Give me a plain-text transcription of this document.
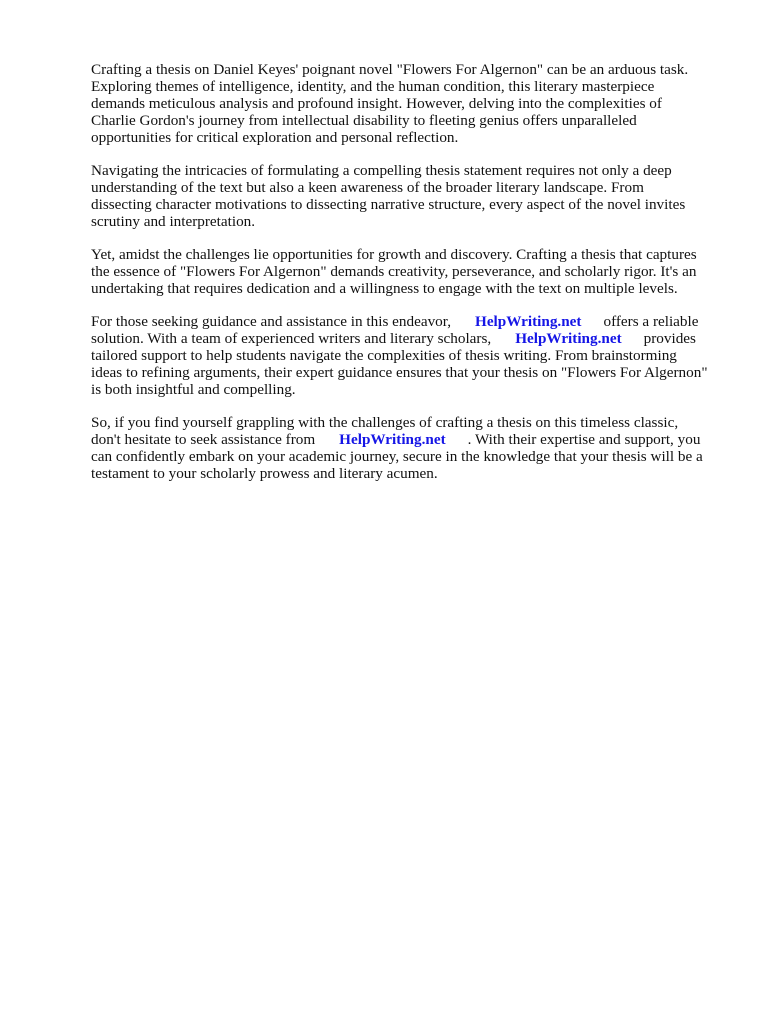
Crafting a thesis on Daniel Keyes' poignant novel "Flowers For Algernon" can be an arduous task.
Exploring themes of intelligence, identity, and the human condition, this literary masterpiece
demands meticulous analysis and profound insight. However, delving into the complexities of
Charlie Gordon's journey from intellectual disability to fleeting genius offers unparalleled
opportunities for critical exploration and personal reflection.
Navigating the intricacies of formulating a compelling thesis statement requires not only a deep
understanding of the text but also a keen awareness of the broader literary landscape. From
dissecting character motivations to dissecting narrative structure, every aspect of the novel invites
scrutiny and interpretation.
Yet, amidst the challenges lie opportunities for growth and discovery. Crafting a thesis that captures
the essence of "Flowers For Algernon" demands creativity, perseverance, and scholarly rigor. It's an
undertaking that requires dedication and a willingness to engage with the text on multiple levels.
For those seeking guidance and assistance in this endeavor, HelpWriting.net offers a reliable
solution. With a team of experienced writers and literary scholars, HelpWriting.net provides
tailored support to help students navigate the complexities of thesis writing. From brainstorming
ideas to refining arguments, their expert guidance ensures that your thesis on "Flowers For Algernon"
is both insightful and compelling.
So, if you find yourself grappling with the challenges of crafting a thesis on this timeless classic,
don't hesitate to seek assistance from HelpWriting.net . With their expertise and support, you
can confidently embark on your academic journey, secure in the knowledge that your thesis will be a
testament to your scholarly prowess and literary acumen.
